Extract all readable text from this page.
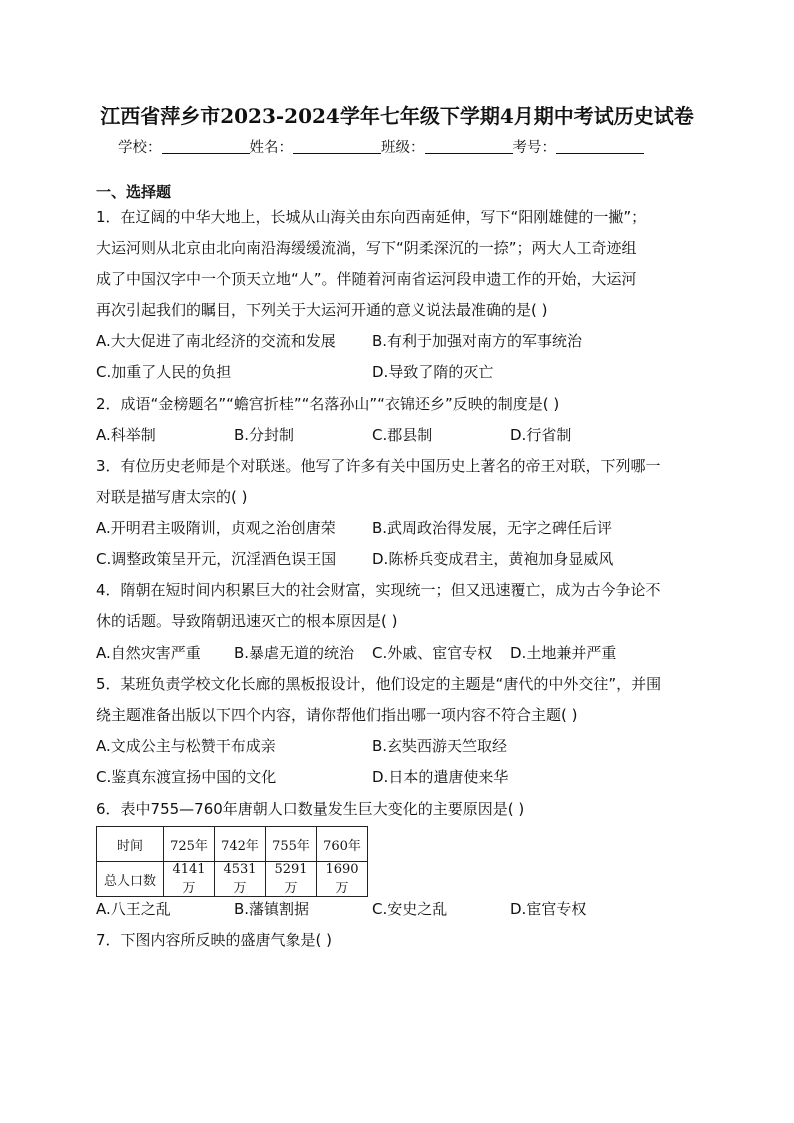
江西省萍乡市2023-2024学年七年级下学期4月期中考试历史试卷
学校：	姓名：	班级：	考号：
一、选择题
1．在辽阔的中华大地上，长城从山海关由东向西南延伸，写下“阳刚雄健的一撇”；
大运河则从北京由北向南沿海缓缓流淌，写下“阴柔深沉的一捺”；两大人工奇迹组
成了中国汉字中一个顶天立地“人”。伴随着河南省运河段申遗工作的开始，大运河
再次引起我们的瞩目，下列关于大运河开通的意义说法最准确的是( )
A.大大促进了南北经济的交流和发展 B.有利于加强对南方的军事统治
C.加重了人民的负担	D.导致了隋的灭亡
2．成语“金榜题名”“蟾宫折桂”“名落孙山”“衣锦还乡”反映的制度是( )
A.科举制	B.分封制	C.郡县制	D.行省制
3．有位历史老师是个对联迷。他写了许多有关中国历史上著名的帝王对联，下列哪一
对联是描写唐太宗的( )
A.开明君主吸隋训，贞观之治创唐荣 B.武周政治得发展，无字之碑任后评
C.调整政策呈开元，沉淫酒色误王国 D.陈桥兵变成君主，黄袍加身显威风
4．隋朝在短时间内积累巨大的社会财富，实现统一；但又迅速覆亡，成为古今争论不
休的话题。导致隋朝迅速灭亡的根本原因是( )
A.自然灾害严重 B.暴虐无道的统治 C.外戚、宦官专权 D.土地兼并严重
5．某班负责学校文化长廊的黑板报设计，他们设定的主题是“唐代的中外交往”，并围
绕主题准备出版以下四个内容，请你帮他们指出哪一项内容不符合主题( )
A.文成公主与松赞干布成亲	B.玄奘西游天竺取经
C.鉴真东渡宣扬中国的文化	D.日本的遣唐使来华
6．表中755—760年唐朝人口数量发生巨大变化的主要原因是( )
时间	725年	742年	755年	760年
总人口数	4141万	4531万	5291万	1690万
A.八王之乱	B.藩镇割据	C.安史之乱	D.宦官专权
7．下图内容所反映的盛唐气象是( )
